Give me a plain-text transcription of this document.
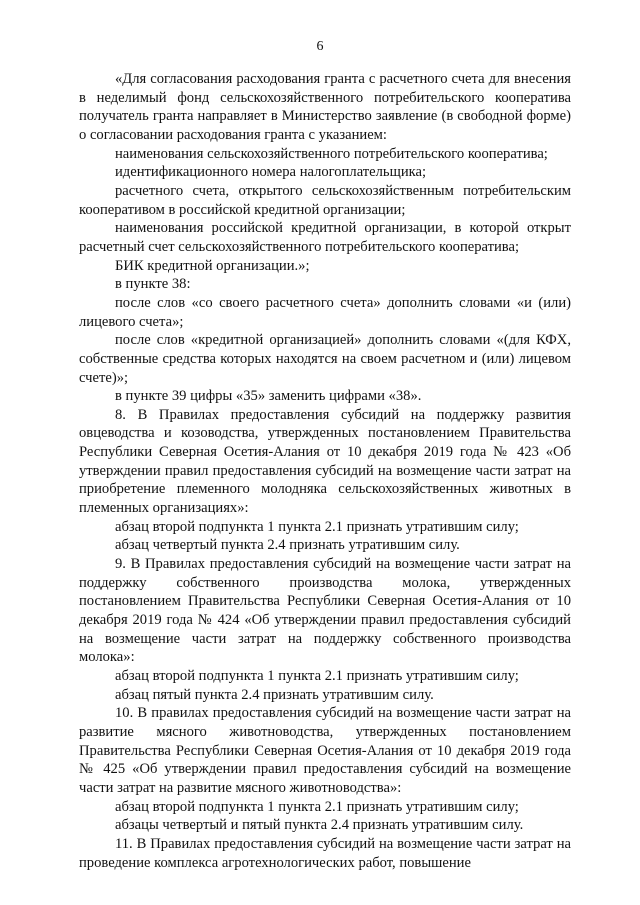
6

«Для согласования расходования гранта с расчетного счета для внесения в неделимый фонд сельскохозяйственного потребительского кооператива получатель гранта направляет в Министерство заявление (в свободной форме) о согласовании расходования гранта с указанием:

наименования сельскохозяйственного потребительского кооператива;

идентификационного номера налогоплательщика;

расчетного счета, открытого сельскохозяйственным потребительским кооперативом в российской кредитной организации;

наименования российской кредитной организации, в которой открыт расчетный счет сельскохозяйственного потребительского кооператива;

БИК кредитной организации.»;

в пункте 38:

после слов «со своего расчетного счета» дополнить словами «и (или) лицевого счета»;

после слов «кредитной организацией» дополнить словами «(для КФХ, собственные средства которых находятся на своем расчетном и (или) лицевом счете)»;

в пункте 39 цифры «35» заменить цифрами «38».

8. В Правилах предоставления субсидий на поддержку развития овцеводства и козоводства, утвержденных постановлением Правительства Республики Северная Осетия-Алания от 10 декабря 2019 года № 423 «Об утверждении правил предоставления субсидий на возмещение части затрат на приобретение племенного молодняка сельскохозяйственных животных в племенных организациях»:

абзац второй подпункта 1 пункта 2.1 признать утратившим силу;

абзац четвертый пункта 2.4 признать утратившим силу.

9. В Правилах предоставления субсидий на возмещение части затрат на поддержку собственного производства молока, утвержденных постановлением Правительства Республики Северная Осетия-Алания от 10 декабря 2019 года № 424 «Об утверждении правил предоставления субсидий на возмещение части затрат на поддержку собственного производства молока»:

абзац второй подпункта 1 пункта 2.1 признать утратившим силу;

абзац пятый пункта 2.4 признать утратившим силу.

10. В правилах предоставления субсидий на возмещение части затрат на развитие мясного животноводства, утвержденных постановлением Правительства Республики Северная Осетия-Алания от 10 декабря 2019 года № 425 «Об утверждении правил предоставления субсидий на возмещение части затрат на развитие мясного животноводства»:

абзац второй подпункта 1 пункта 2.1 признать утратившим силу;

абзацы четвертый и пятый пункта 2.4 признать утратившим силу.

11. В Правилах предоставления субсидий на возмещение части затрат на проведение комплекса агротехнологических работ, повышение
